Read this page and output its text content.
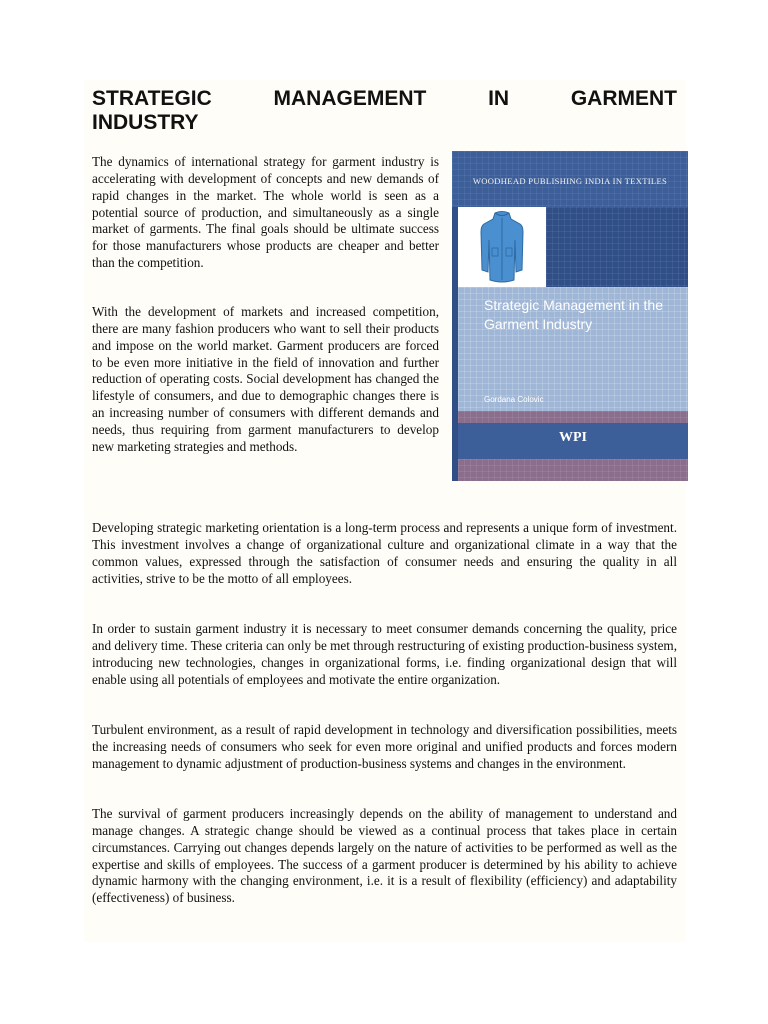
STRATEGIC MANAGEMENT IN GARMENT
INDUSTRY

The dynamics of international strategy for garment industry is accelerating with development of concepts and new demands of rapid changes in the market. The whole world is seen as a potential source of production, and simultaneously as a single market of garments. The final goals should be ultimate success for those manufacturers whose products are cheaper and better than the competition.

With the development of markets and increased competition, there are many fashion producers who want to sell their products and impose on the world market. Garment producers are forced to be even more initiative in the field of innovation and further reduction of operating costs. Social development has changed the lifestyle of consumers, and due to demographic changes there is an increasing number of consumers with different demands and needs, thus requiring from garment manufacturers to develop new marketing strategies and methods.

Developing strategic marketing orientation is a long-term process and represents a unique form of investment. This investment involves a change of organizational culture and organizational climate in a way that the common values, expressed through the satisfaction of consumer needs and ensuring the quality in all activities, strive to be the motto of all employees.

In order to sustain garment industry it is necessary to meet consumer demands concerning the quality, price and delivery time. These criteria can only be met through restructuring of existing production-business system, introducing new technologies, changes in organizational forms, i.e. finding organizational design that will enable using all potentials of employees and motivate the entire organization.

Turbulent environment, as a result of rapid development in technology and diversification possibilities, meets the increasing needs of consumers who seek for even more original and unified products and forces modern management to dynamic adjustment of production-business systems and changes in the environment.

The survival of garment producers increasingly depends on the ability of management to understand and manage changes. A strategic change should be viewed as a continual process that takes place in certain circumstances. Carrying out changes depends largely on the nature of activities to be performed as well as the expertise and skills of employees. The success of a garment producer is determined by his ability to achieve dynamic harmony with the changing environment, i.e. it is a result of flexibility (efficiency) and adaptability (effectiveness) of business.

WOODHEAD PUBLISHING INDIA IN TEXTILES
Strategic Management in the Garment Industry
Gordana Colovic
WPI
